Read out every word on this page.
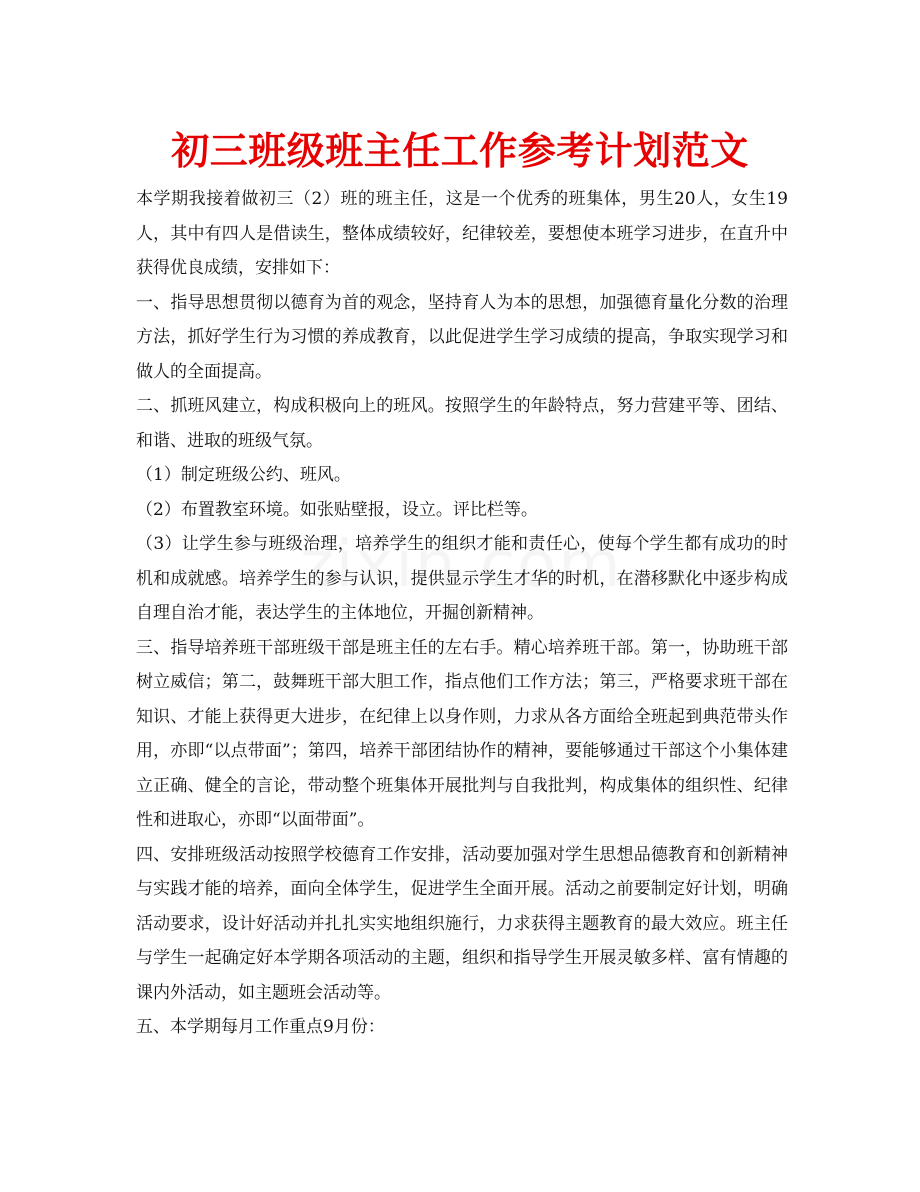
初三班级班主任工作参考计划范文

本学期我接着做初三（2）班的班主任，这是一个优秀的班集体，男生20人，女生19人，其中有四人是借读生，整体成绩较好，纪律较差，要想使本班学习进步，在直升中获得优良成绩，安排如下：

一、指导思想贯彻以德育为首的观念，坚持育人为本的思想，加强德育量化分数的治理方法，抓好学生行为习惯的养成教育，以此促进学生学习成绩的提高，争取实现学习和做人的全面提高。

二、抓班风建立，构成积极向上的班风。按照学生的年龄特点，努力营建平等、团结、和谐、进取的班级气氛。

（1）制定班级公约、班风。

（2）布置教室环境。如张贴壁报，设立。评比栏等。

（3）让学生参与班级治理，培养学生的组织才能和责任心，使每个学生都有成功的时机和成就感。培养学生的参与认识，提供显示学生才华的时机，在潜移默化中逐步构成自理自治才能，表达学生的主体地位，开掘创新精神。

三、指导培养班干部班级干部是班主任的左右手。精心培养班干部。第一，协助班干部树立威信；第二，鼓舞班干部大胆工作，指点他们工作方法；第三，严格要求班干部在知识、才能上获得更大进步，在纪律上以身作则，力求从各方面给全班起到典范带头作用，亦即“以点带面”；第四，培养干部团结协作的精神，要能够通过干部这个小集体建立正确、健全的言论，带动整个班集体开展批判与自我批判，构成集体的组织性、纪律性和进取心，亦即“以面带面”。

四、安排班级活动按照学校德育工作安排，活动要加强对学生思想品德教育和创新精神与实践才能的培养，面向全体学生，促进学生全面开展。活动之前要制定好计划，明确活动要求，设计好活动并扎扎实实地组织施行，力求获得主题教育的最大效应。班主任与学生一起确定好本学期各项活动的主题，组织和指导学生开展灵敏多样、富有情趣的课内外活动，如主题班会活动等。

五、本学期每月工作重点9月份：
